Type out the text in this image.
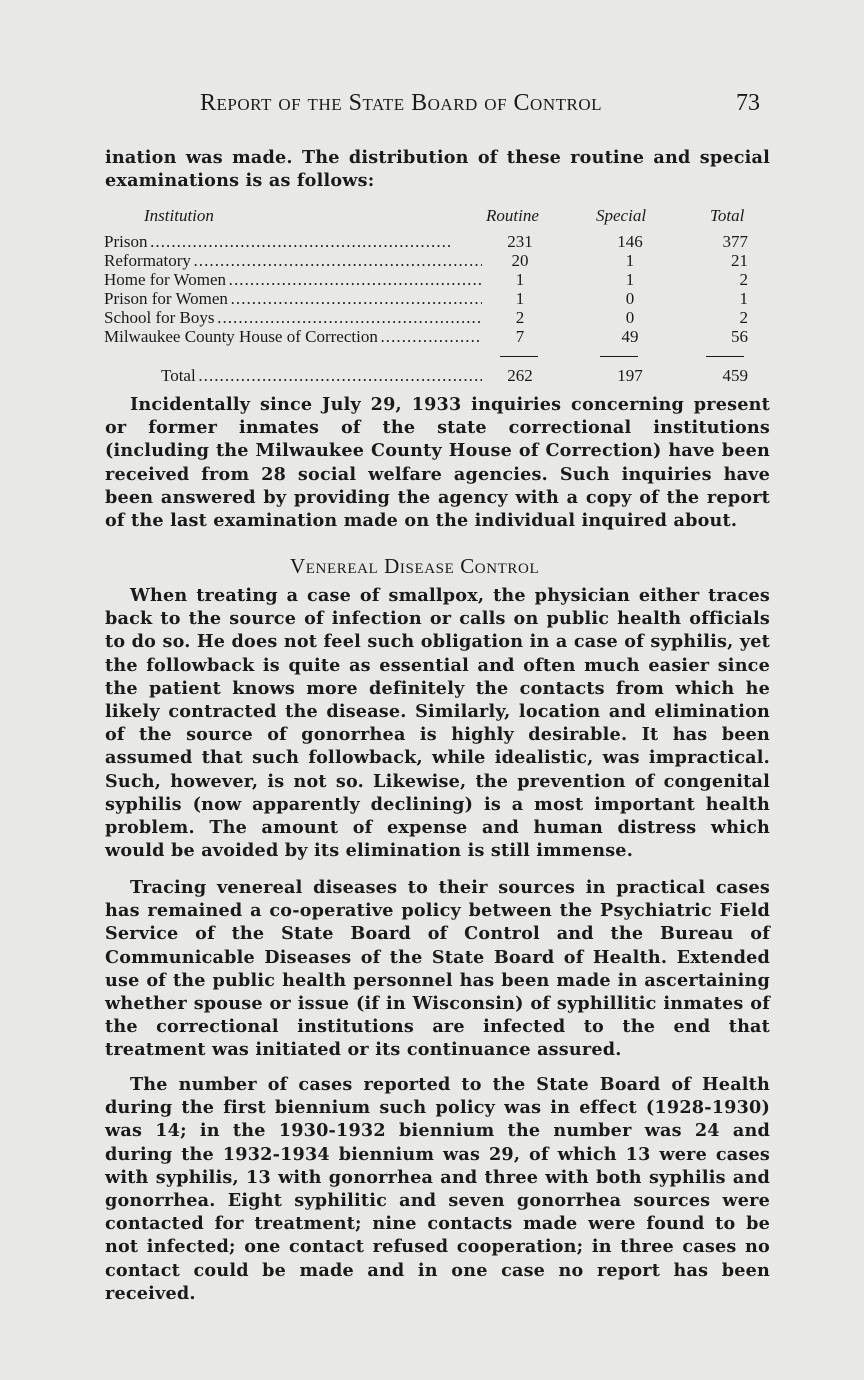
Report of the State Board of Control	73
ination was made. The distribution of these routine and special examinations is as follows:
Institution	Routine	Special	Total
Prison . . .	231	146	377
Reformatory . . .	20	1	21
Home for Women . . .	1	1	2
Prison for Women . . .	1	0	1
School for Boys . . .	2	0	2
Milwaukee County House of Correction . . .	7	49	56
Total . . .	262	197	459
Incidentally since July 29, 1933 inquiries concerning present or former inmates of the state correctional institutions (including the Milwaukee County House of Correction) have been received from 28 social welfare agencies. Such inquiries have been answered by providing the agency with a copy of the report of the last examination made on the individual inquired about.
Venereal Disease Control
When treating a case of smallpox, the physician either traces back to the source of infection or calls on public health officials to do so. He does not feel such obligation in a case of syphilis, yet the followback is quite as essential and often much easier since the patient knows more definitely the contacts from which he likely contracted the disease. Similarly, location and elimination of the source of gonorrhea is highly desirable. It has been assumed that such followback, while idealistic, was impractical. Such, however, is not so. Likewise, the prevention of congenital syphilis (now apparently declining) is a most important health problem. The amount of expense and human distress which would be avoided by its elimination is still immense.
Tracing venereal diseases to their sources in practical cases has remained a co-operative policy between the Psychiatric Field Service of the State Board of Control and the Bureau of Communicable Diseases of the State Board of Health. Extended use of the public health personnel has been made in ascertaining whether spouse or issue (if in Wisconsin) of syphillitic inmates of the correctional institutions are infected to the end that treatment was initiated or its continuance assured.
The number of cases reported to the State Board of Health during the first biennium such policy was in effect (1928-1930) was 14; in the 1930-1932 biennium the number was 24 and during the 1932-1934 biennium was 29, of which 13 were cases with syphilis, 13 with gonorrhea and three with both syphilis and gonorrhea. Eight syphilitic and seven gonorrhea sources were contacted for treatment; nine contacts made were found to be not infected; one contact refused cooperation; in three cases no contact could be made and in one case no report has been received.
